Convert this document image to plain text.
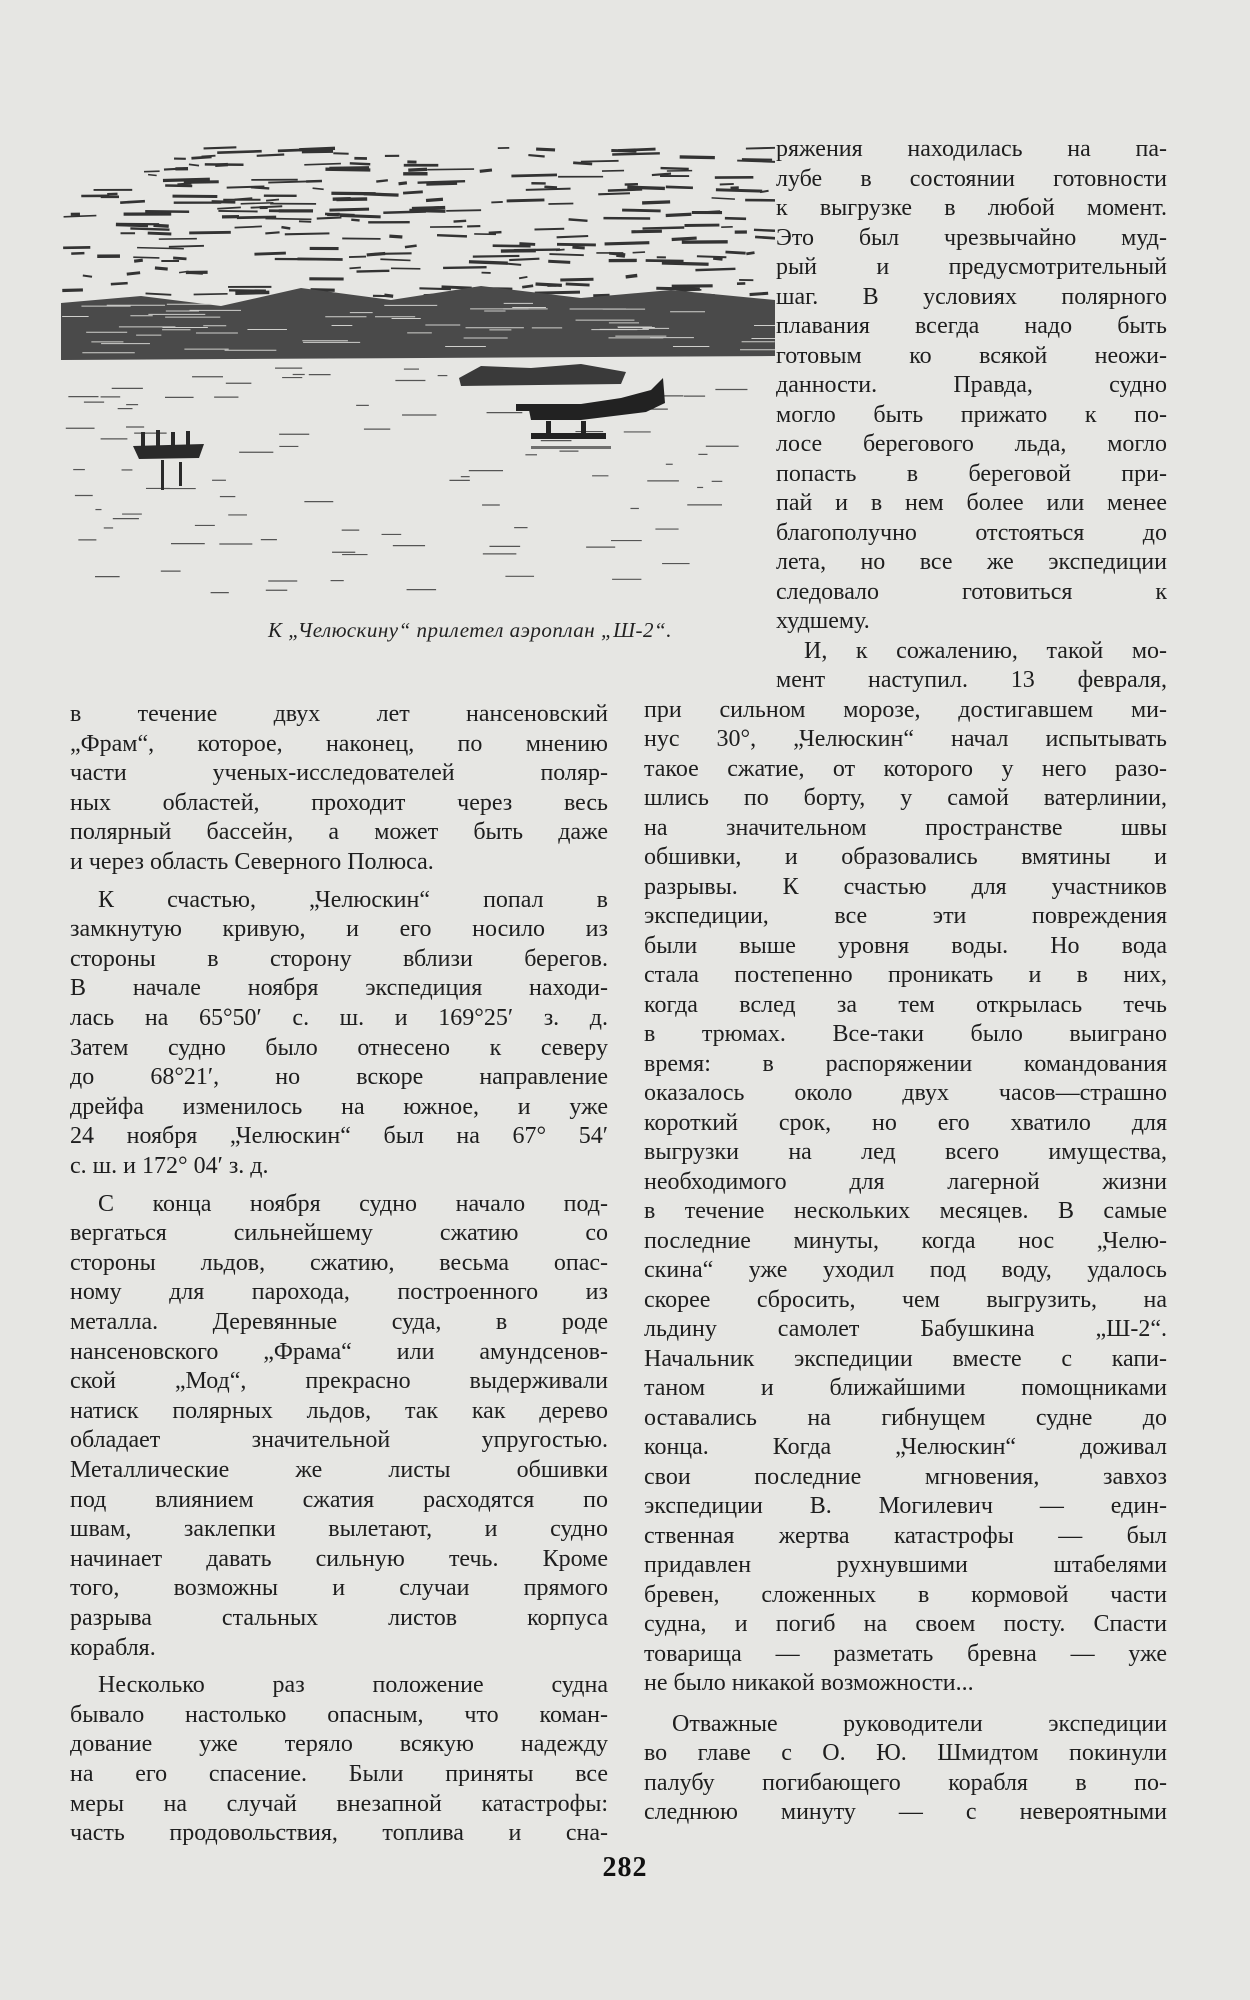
К „Челюскину“ прилетел аэроплан „Ш-2“.
в течение двух лет нансеновский
„Фрам“, которое, наконец, по мнению
части ученых-исследователей поляр-
ных областей, проходит через весь
полярный бассейн, а может быть даже
и через область Северного Полюса.
К счастью, „Челюскин“ попал в
замкнутую кривую, и его носило из
стороны в сторону вблизи берегов.
В начале ноября экспедиция находи-
лась на 65°50′ с. ш. и 169°25′ з. д.
Затем судно было отнесено к северу
до 68°21′, но вскоре направление
дрейфа изменилось на южное, и уже
24 ноября „Челюскин“ был на 67° 54′
с. ш. и 172° 04′ з. д.
С конца ноября судно начало под-
вергаться сильнейшему сжатию со
стороны льдов, сжатию, весьма опас-
ному для парохода, построенного из
металла. Деревянные суда, в роде
нансеновского „Фрама“ или амундсенов-
ской „Мод“, прекрасно выдерживали
натиск полярных льдов, так как дерево
обладает значительной упругостью.
Металлические же листы обшивки
под влиянием сжатия расходятся по
швам, заклепки вылетают, и судно
начинает давать сильную течь. Кроме
того, возможны и случаи прямого
разрыва стальных листов корпуса
корабля.
Несколько раз положение судна
бывало настолько опасным, что коман-
дование уже теряло всякую надежду
на его спасение. Были приняты все
меры на случай внезапной катастрофы:
часть продовольствия, топлива и сна-
ряжения находилась на па-
лубе в состоянии готовности
к выгрузке в любой момент.
Это был чрезвычайно муд-
рый и предусмотрительный
шаг. В условиях полярного
плавания всегда надо быть
готовым ко всякой неожи-
данности. Правда, судно
могло быть прижато к по-
лосе берегового льда, могло
попасть в береговой при-
пай и в нем более или менее
благополучно отстояться до
лета, но все же экспедиции
следовало готовиться к
худшему.
И, к сожалению, такой мо-
мент наступил. 13 февраля,
при сильном морозе, достигавшем ми-
нус 30°, „Челюскин“ начал испытывать
такое сжатие, от которого у него разо-
шлись по борту, у самой ватерлинии,
на значительном пространстве швы
обшивки, и образовались вмятины и
разрывы. К счастью для участников
экспедиции, все эти повреждения
были выше уровня воды. Но вода
стала постепенно проникать и в них,
когда вслед за тем открылась течь
в трюмах. Все-таки было выиграно
время: в распоряжении командования
оказалось около двух часов—страшно
короткий срок, но его хватило для
выгрузки на лед всего имущества,
необходимого для лагерной жизни
в течение нескольких месяцев. В самые
последние минуты, когда нос „Челю-
скина“ уже уходил под воду, удалось
скорее сбросить, чем выгрузить, на
льдину самолет Бабушкина „Ш-2“.
Начальник экспедиции вместе с капи-
таном и ближайшими помощниками
оставались на гибнущем судне до
конца. Когда „Челюскин“ доживал
свои последние мгновения, завхоз
экспедиции В. Могилевич — един-
ственная жертва катастрофы — был
придавлен рухнувшими штабелями
бревен, сложенных в кормовой части
судна, и погиб на своем посту. Спасти
товарища — разметать бревна — уже
не было никакой возможности...
Отважные руководители экспедиции
во главе с О. Ю. Шмидтом покинули
палубу погибающего корабля в по-
следнюю минуту — с невероятными
282
